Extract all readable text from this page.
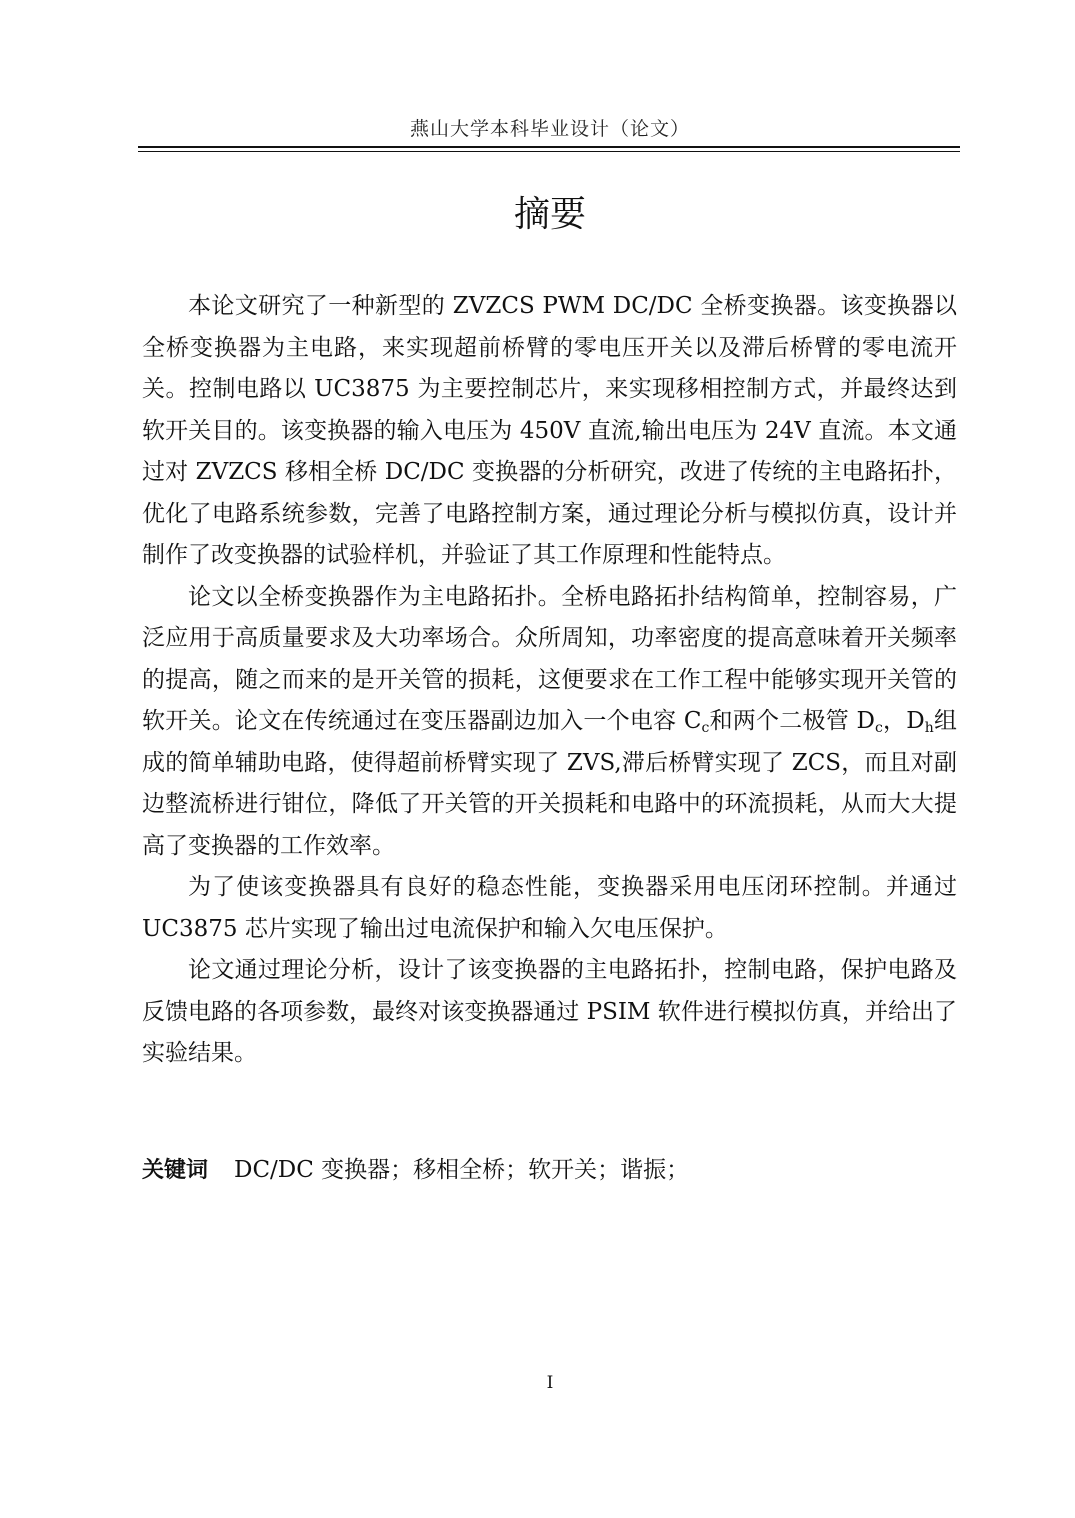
燕山大学本科毕业设计（论文）
摘要

本论文研究了一种新型的 ZVZCS PWM DC/DC 全桥变换器。该变换器以全桥变换器为主电路，来实现超前桥臂的零电压开关以及滞后桥臂的零电流开关。控制电路以 UC3875 为主要控制芯片，来实现移相控制方式，并最终达到软开关目的。该变换器的输入电压为 450V 直流,输出电压为 24V 直流。本文通过对 ZVZCS 移相全桥 DC/DC 变换器的分析研究，改进了传统的主电路拓扑，优化了电路系统参数，完善了电路控制方案，通过理论分析与模拟仿真，设计并制作了改变换器的试验样机，并验证了其工作原理和性能特点。

论文以全桥变换器作为主电路拓扑。全桥电路拓扑结构简单，控制容易，广泛应用于高质量要求及大功率场合。众所周知，功率密度的提高意味着开关频率的提高，随之而来的是开关管的损耗，这便要求在工作工程中能够实现开关管的软开关。论文在传统通过在变压器副边加入一个电容 $C_c$和两个二极管 $D_c$，$D_h$组成的简单辅助电路，使得超前桥臂实现了 ZVS,滞后桥臂实现了 ZCS，而且对副边整流桥进行钳位，降低了开关管的开关损耗和电路中的环流损耗，从而大大提高了变换器的工作效率。

为了使该变换器具有良好的稳态性能，变换器采用电压闭环控制。并通过 UC3875 芯片实现了输出过电流保护和输入欠电压保护。

论文通过理论分析，设计了该变换器的主电路拓扑，控制电路，保护电路及反馈电路的各项参数，最终对该变换器通过 PSIM 软件进行模拟仿真，并给出了实验结果。

关键词 DC/DC 变换器；移相全桥；软开关；谐振；
I
